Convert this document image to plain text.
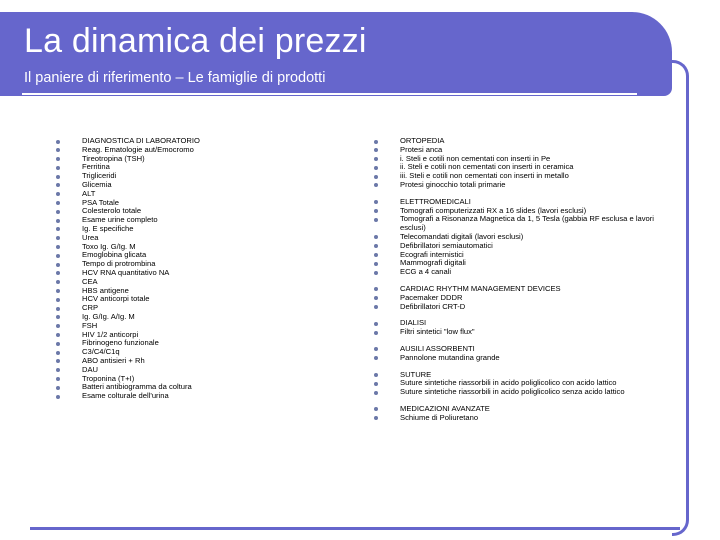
La dinamica dei prezzi
Il paniere di riferimento – Le famiglie di prodotti
DIAGNOSTICA DI LABORATORIO
Reag. Ematologie aut/Emocromo
Tireotropina (TSH)
Ferritina
Trigliceridi
Glicemia
ALT
PSA Totale
Colesterolo totale
Esame urine completo
Ig. E specifiche
Urea
Toxo Ig. G/Ig. M
Emoglobina glicata
Tempo di protrombina
HCV RNA quantitativo NA
CEA
HBS antigene
HCV anticorpi totale
CRP
Ig. G/Ig. A/Ig. M
FSH
HIV 1/2 anticorpi
Fibrinogeno funzionale
C3/C4/C1q
ABO antisieri + Rh
DAU
Troponina (T+I)
Batteri antibiogramma da coltura
Esame colturale dell'urina
ORTOPEDIA
Protesi anca
i. Steli e cotili non cementati con inserti in Pe
ii. Steli e cotili non cementati con inserti in ceramica
iii. Steli e cotili non cementati con inserti in metallo
Protesi ginocchio totali primarie
ELETTROMEDICALI
Tomografi computerizzati RX a 16 slides (lavori esclusi)
Tomografi a Risonanza Magnetica da 1, 5 Tesla (gabbia RF esclusa e lavori esclusi)
Telecomandati digitali (lavori esclusi)
Defibrillatori semiautomatici
Ecografi internistici
Mammografi digitali
ECG a 4 canali
CARDIAC RHYTHM MANAGEMENT DEVICES
Pacemaker DDDR
Defibrillatori CRT-D
DIALISI
Filtri sintetici "low flux"
AUSILI ASSORBENTI
Pannolone mutandina grande
SUTURE
Suture sintetiche riassorbili in acido poliglicolico con acido lattico
Suture sintetiche riassorbili in acido poliglicolico senza acido lattico
MEDICAZIONI AVANZATE
Schiume di Poliuretano
